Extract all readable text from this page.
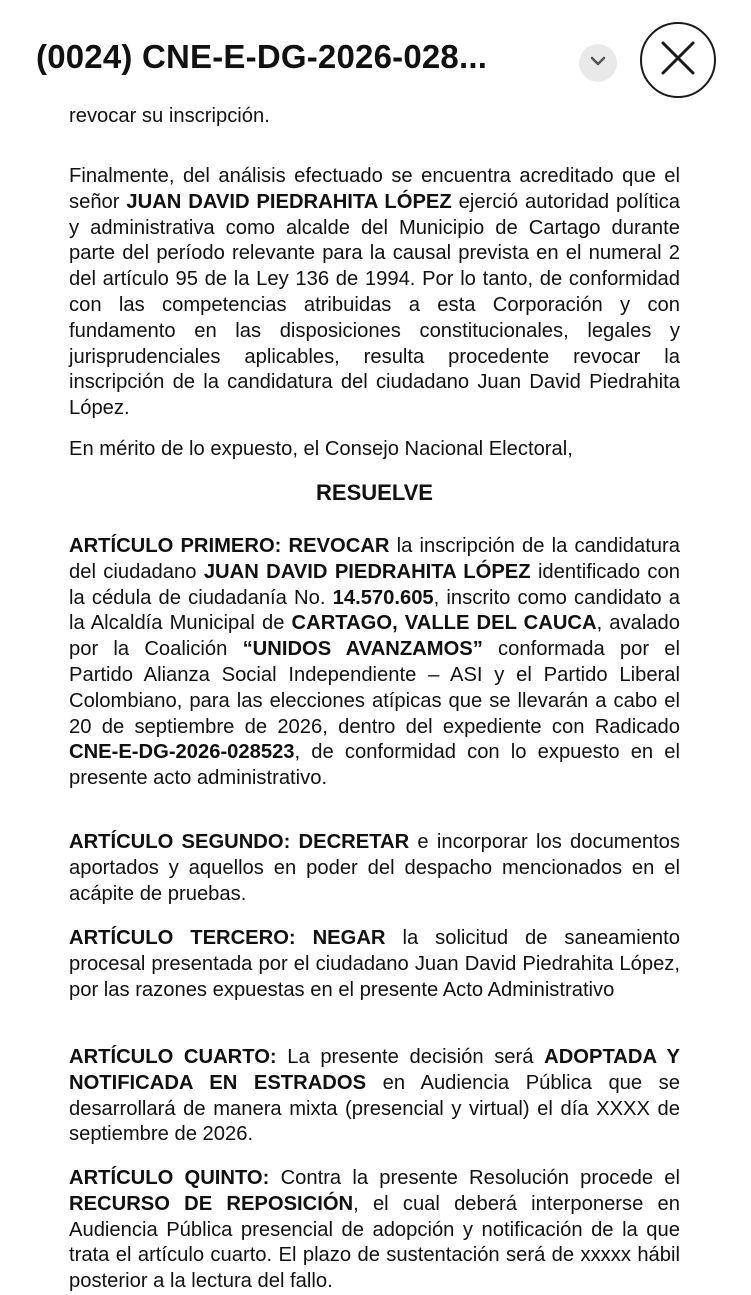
revocar su inscripción.

Finalmente, del análisis efectuado se encuentra acreditado que el señor JUAN DAVID PIEDRAHITA LÓPEZ ejerció autoridad política y administrativa como alcalde del Municipio de Cartago durante parte del período relevante para la causal prevista en el numeral 2 del artículo 95 de la Ley 136 de 1994. Por lo tanto, de conformidad con las competencias atribuidas a esta Corporación y con fundamento en las disposiciones constitucionales, legales y jurisprudenciales aplicables, resulta procedente revocar la inscripción de la candidatura del ciudadano Juan David Piedrahita López.

En mérito de lo expuesto, el Consejo Nacional Electoral,

RESUELVE

ARTÍCULO PRIMERO: REVOCAR la inscripción de la candidatura del ciudadano JUAN DAVID PIEDRAHITA LÓPEZ identificado con la cédula de ciudadanía No. 14.570.605, inscrito como candidato a la Alcaldía Municipal de CARTAGO, VALLE DEL CAUCA, avalado por la Coalición “UNIDOS AVANZAMOS” conformada por el Partido Alianza Social Independiente – ASI y el Partido Liberal Colombiano, para las elecciones atípicas que se llevarán a cabo el 20 de septiembre de 2026, dentro del expediente con Radicado CNE-E-DG-2026-028523, de conformidad con lo expuesto en el presente acto administrativo.

ARTÍCULO SEGUNDO: DECRETAR e incorporar los documentos aportados y aquellos en poder del despacho mencionados en el acápite de pruebas.

ARTÍCULO TERCERO: NEGAR la solicitud de saneamiento procesal presentada por el ciudadano Juan David Piedrahita López, por las razones expuestas en el presente Acto Administrativo

ARTÍCULO CUARTO: La presente decisión será ADOPTADA Y NOTIFICADA EN ESTRADOS en Audiencia Pública que se desarrollará de manera mixta (presencial y virtual) el día XXXX de septiembre de 2026.

ARTÍCULO QUINTO: Contra la presente Resolución procede el RECURSO DE REPOSICIÓN, el cual deberá interponerse en Audiencia Pública presencial de adopción y notificación de la que trata el artículo cuarto. El plazo de sustentación será de xxxxx hábil posterior a la lectura del fallo.

(0024) CNE-E-DG-2026-028...
